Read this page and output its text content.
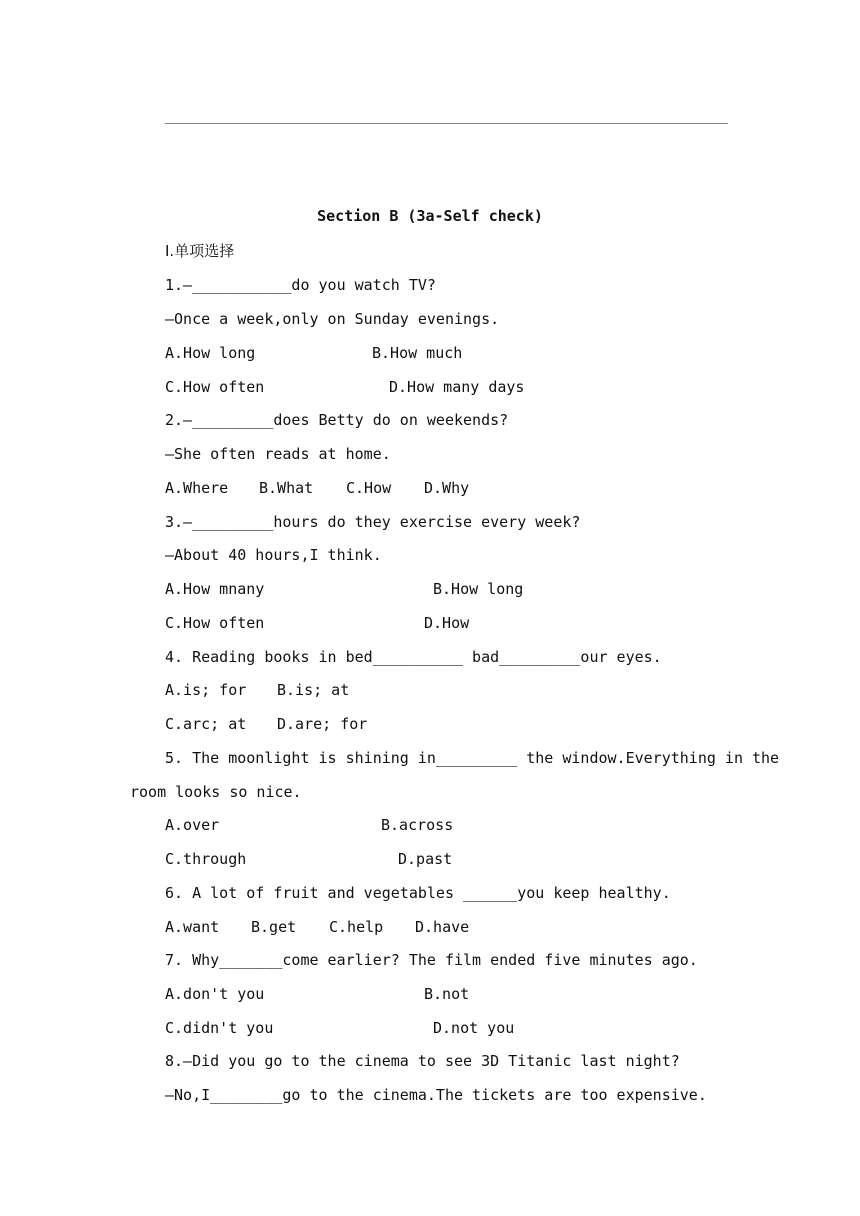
Section B (3a-Self check)
Ⅰ.单项选择
1.—___________do you watch TV?
—Once a week,only on Sunday evenings.
A.How long	B.How much
C.How often	D.How many days
2.—_________does Betty do on weekends?
—She often reads at home.
A.Where B.What C.How D.Why
3.—_________hours do they exercise every week?
—About 40 hours,I think.
A.How mnany	B.How long
C.How often	D.How
4. Reading books in bed__________ bad_________our eyes.
A.is; for B.is; at
C.arc; at D.are; for
5. The moonlight is shining in_________ the window.Everything in the
room looks so nice.
A.over	B.across
C.through	D.past
6. A lot of fruit and vegetables ______you keep healthy.
A.want B.get C.help D.have
7. Why_______come earlier? The film ended five minutes ago.
A.don't you	B.not
C.didn't you	D.not you
8.—Did you go to the cinema to see 3D Titanic last night?
—No,I________go to the cinema.The tickets are too expensive.
